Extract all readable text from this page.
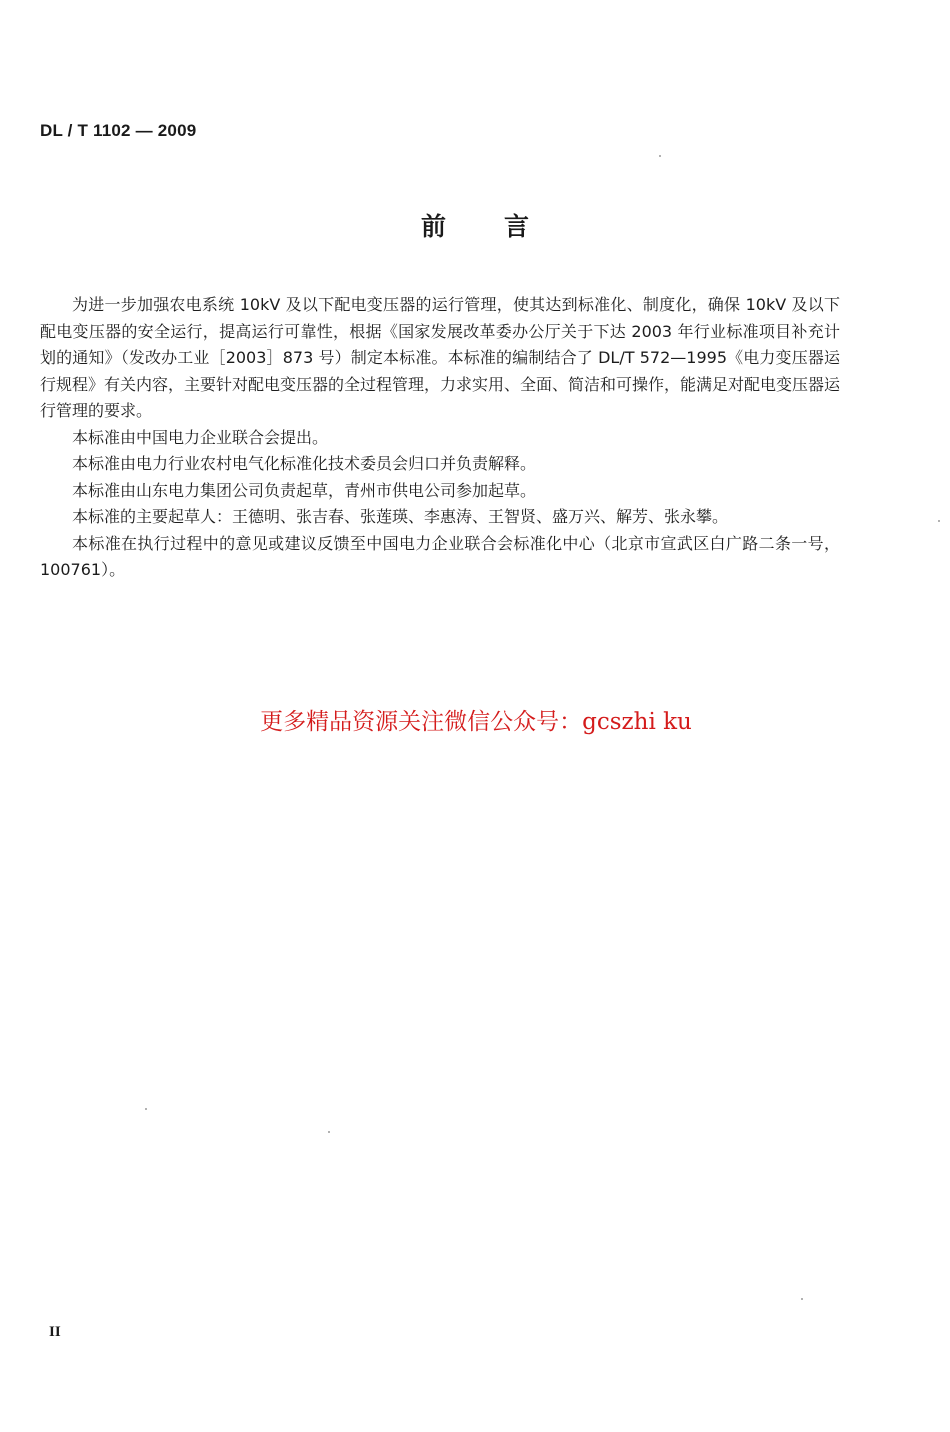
DL / T 1102 — 2009
前言

为进一步加强农电系统 10kV 及以下配电变压器的运行管理，使其达到标准化、制度化，确保 10kV 及以下配电变压器的安全运行，提高运行可靠性，根据《国家发展改革委办公厅关于下达 2003 年行业标准项目补充计划的通知》（发改办工业［2003］873 号）制定本标准。本标准的编制结合了 DL/T 572—1995《电力变压器运行规程》有关内容，主要针对配电变压器的全过程管理，力求实用、全面、简洁和可操作，能满足对配电变压器运行管理的要求。

本标准由中国电力企业联合会提出。

本标准由电力行业农村电气化标准化技术委员会归口并负责解释。

本标准由山东电力集团公司负责起草，青州市供电公司参加起草。

本标准的主要起草人：王德明、张吉春、张莲瑛、李惠涛、王智贤、盛万兴、解芳、张永攀。

本标准在执行过程中的意见或建议反馈至中国电力企业联合会标准化中心（北京市宣武区白广路二条一号，100761）。

更多精品资源关注微信公众号：gcszhi ku
II
